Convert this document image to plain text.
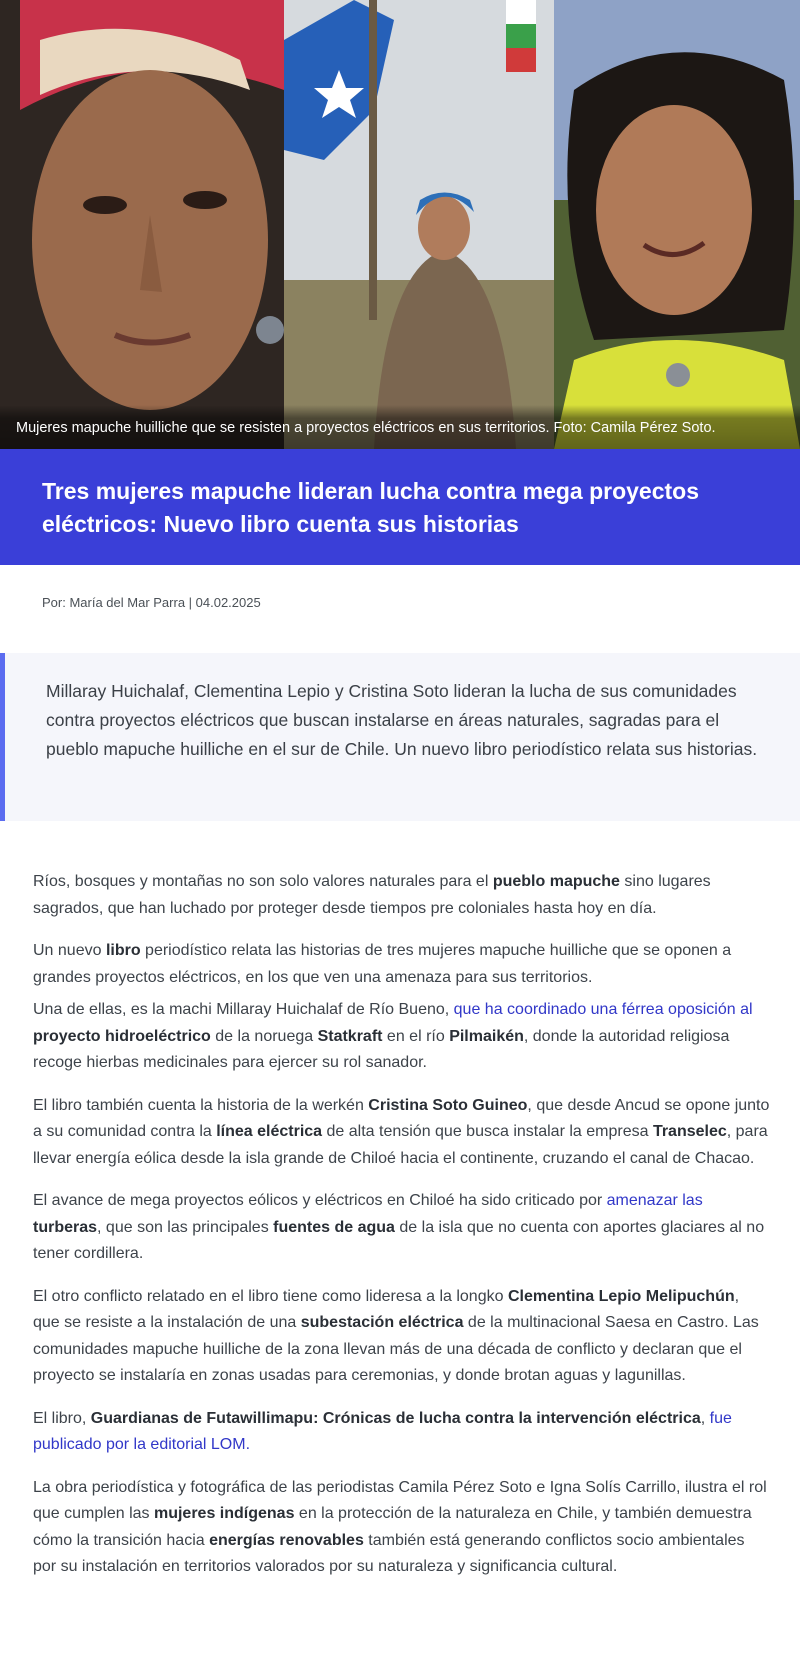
Mujeres mapuche huilliche que se resisten a proyectos eléctricos en sus territorios. Foto: Camila Pérez Soto.

Tres mujeres mapuche lideran lucha contra mega proyectos eléctricos: Nuevo libro cuenta sus historias
Por: María del Mar Parra | 04.02.2025

Millaray Huichalaf, Clementina Lepio y Cristina Soto lideran la lucha de sus comunidades contra proyectos eléctricos que buscan instalarse en áreas naturales, sagradas para el pueblo mapuche huilliche en el sur de Chile. Un nuevo libro periodístico relata sus historias.

Ríos, bosques y montañas no son solo valores naturales para el pueblo mapuche sino lugares sagrados, que han luchado por proteger desde tiempos pre coloniales hasta hoy en día.

Un nuevo libro periodístico relata las historias de tres mujeres mapuche huilliche que se oponen a grandes proyectos eléctricos, en los que ven una amenaza para sus territorios.

Una de ellas, es la machi Millaray Huichalaf de Río Bueno, que ha coordinado una férrea oposición al proyecto hidroeléctrico de la noruega Statkraft en el río Pilmaikén, donde la autoridad religiosa recoge hierbas medicinales para ejercer su rol sanador.

El libro también cuenta la historia de la werkén Cristina Soto Guineo, que desde Ancud se opone junto a su comunidad contra la línea eléctrica de alta tensión que busca instalar la empresa Transelec, para llevar energía eólica desde la isla grande de Chiloé hacia el continente, cruzando el canal de Chacao.

El avance de mega proyectos eólicos y eléctricos en Chiloé ha sido criticado por amenazar las turberas, que son las principales fuentes de agua de la isla que no cuenta con aportes glaciares al no tener cordillera.

El otro conflicto relatado en el libro tiene como lideresa a la longko Clementina Lepio Melipuchún, que se resiste a la instalación de una subestación eléctrica de la multinacional Saesa en Castro. Las comunidades mapuche huilliche de la zona llevan más de una década de conflicto y declaran que el proyecto se instalaría en zonas usadas para ceremonias, y donde brotan aguas y lagunillas.

El libro, Guardianas de Futawillimapu: Crónicas de lucha contra la intervención eléctrica, fue publicado por la editorial LOM.

La obra periodística y fotográfica de las periodistas Camila Pérez Soto e Igna Solís Carrillo, ilustra el rol que cumplen las mujeres indígenas en la protección de la naturaleza en Chile, y también demuestra cómo la transición hacia energías renovables también está generando conflictos socio ambientales por su instalación en territorios valorados por su naturaleza y significancia cultural.
